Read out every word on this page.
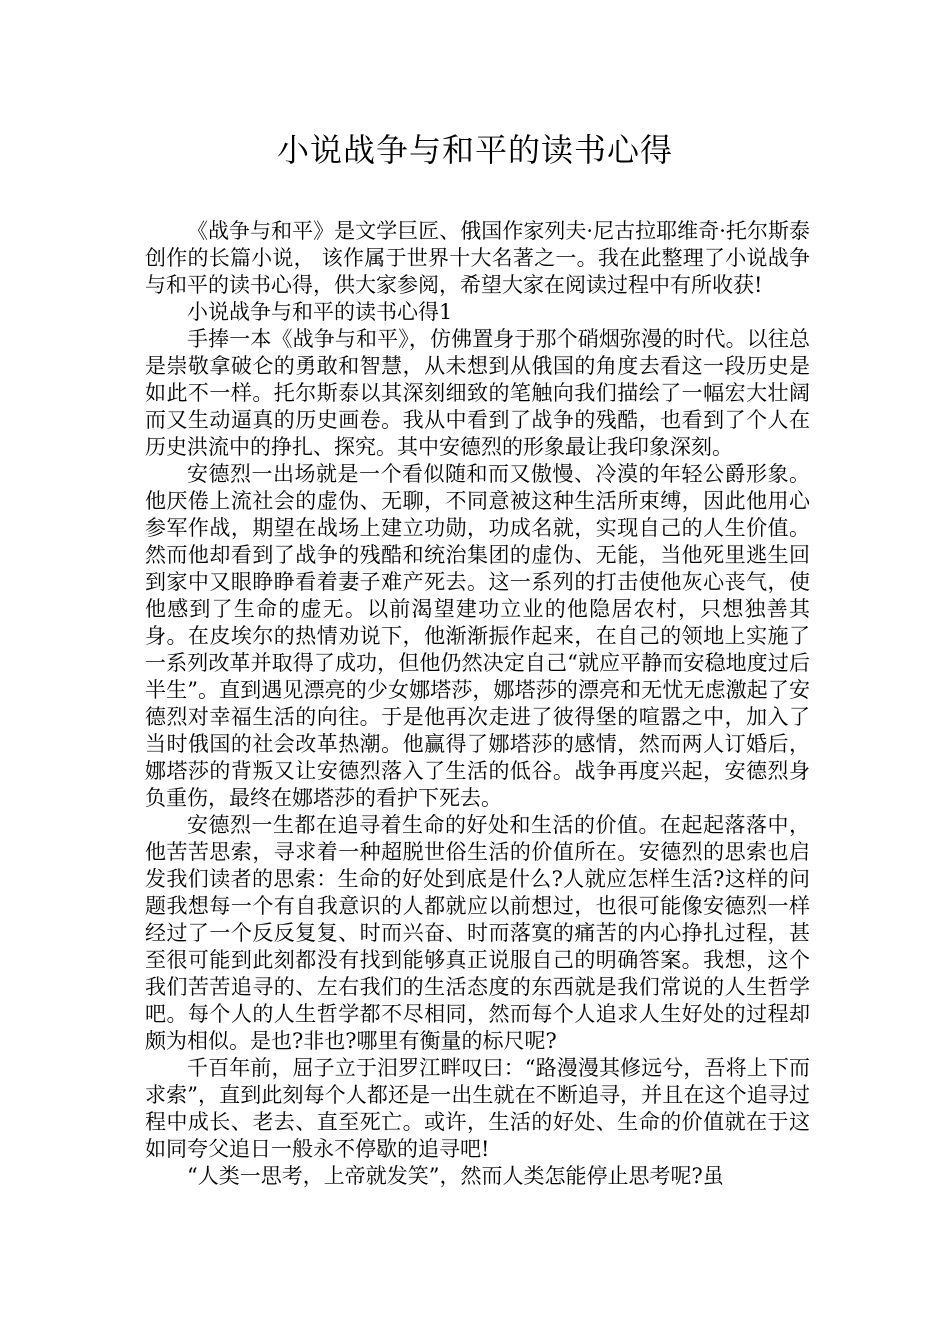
小说战争与和平的读书心得

《战争与和平》是文学巨匠、俄国作家列夫·尼古拉耶维奇·托尔斯泰创作的长篇小说， 该作属于世界十大名著之一。我在此整理了小说战争与和平的读书心得，供大家参阅，希望大家在阅读过程中有所收获!

小说战争与和平的读书心得1

手捧一本《战争与和平》，仿佛置身于那个硝烟弥漫的时代。以往总是崇敬拿破仑的勇敢和智慧，从未想到从俄国的角度去看这一段历史是如此不一样。托尔斯泰以其深刻细致的笔触向我们描绘了一幅宏大壮阔而又生动逼真的历史画卷。我从中看到了战争的残酷，也看到了个人在历史洪流中的挣扎、探究。其中安德烈的形象最让我印象深刻。

安德烈一出场就是一个看似随和而又傲慢、冷漠的年轻公爵形象。他厌倦上流社会的虚伪、无聊，不同意被这种生活所束缚，因此他用心参军作战，期望在战场上建立功勋，功成名就，实现自己的人生价值。然而他却看到了战争的残酷和统治集团的虚伪、无能，当他死里逃生回到家中又眼睁睁看着妻子难产死去。这一系列的打击使他灰心丧气，使他感到了生命的虚无。以前渴望建功立业的他隐居农村，只想独善其身。在皮埃尔的热情劝说下，他渐渐振作起来，在自己的领地上实施了一系列改革并取得了成功，但他仍然决定自己“就应平静而安稳地度过后半生”。直到遇见漂亮的少女娜塔莎，娜塔莎的漂亮和无忧无虑激起了安德烈对幸福生活的向往。于是他再次走进了彼得堡的喧嚣之中，加入了当时俄国的社会改革热潮。他赢得了娜塔莎的感情，然而两人订婚后，娜塔莎的背叛又让安德烈落入了生活的低谷。战争再度兴起，安德烈身负重伤，最终在娜塔莎的看护下死去。

安德烈一生都在追寻着生命的好处和生活的价值。在起起落落中，他苦苦思索，寻求着一种超脱世俗生活的价值所在。安德烈的思索也启发我们读者的思索：生命的好处到底是什么?人就应怎样生活?这样的问题我想每一个有自我意识的人都就应以前想过，也很可能像安德烈一样经过了一个反反复复、时而兴奋、时而落寞的痛苦的内心挣扎过程，甚至很可能到此刻都没有找到能够真正说服自己的明确答案。我想，这个我们苦苦追寻的、左右我们的生活态度的东西就是我们常说的人生哲学吧。每个人的人生哲学都不尽相同，然而每个人追求人生好处的过程却颇为相似。是也?非也?哪里有衡量的标尺呢?

千百年前，屈子立于汨罗江畔叹曰：“路漫漫其修远兮，吾将上下而求索”，直到此刻每个人都还是一出生就在不断追寻，并且在这个追寻过程中成长、老去、直至死亡。或许，生活的好处、生命的价值就在于这如同夸父追日一般永不停歇的追寻吧!

“人类一思考，上帝就发笑”，然而人类怎能停止思考呢?虽
